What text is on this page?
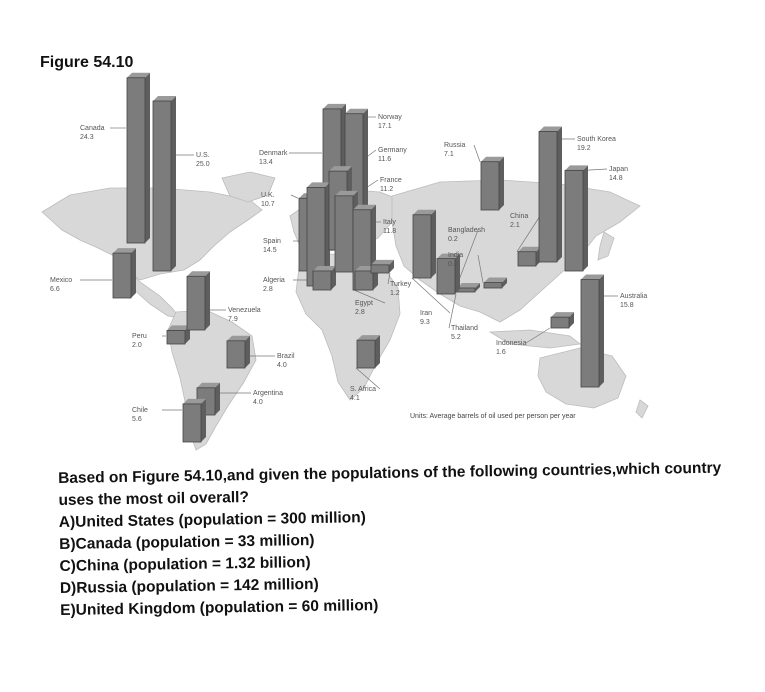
Figure 54.10
Canada
24.3
U.S.
25.0
Mexico
6.6
Peru
2.0
Venezuela
7.9
Brazil
4.0
Argentina
4.0
Chile
5.6
Denmark
13.4
U.K.
10.7
Spain
14.5
Algeria
2.8
Norway
17.1
Germany
11.6
France
11.2
Italy
11.8
Egypt
2.8
Turkey
1.2
S. Africa
4.1
Iran
9.3
Russia
7.1
Bangladesh
0.2
India
0.8
China
2.1
Thailand
5.2
Indonesia
1.6
South Korea
19.2
Japan
14.8
Australia
15.8
Units: Average barrels of oil used per person per year

Based on Figure 54.10,and given the populations of the following countries,which country uses the most oil overall?

A) United States (population = 300 million)
B) Canada (population = 33 million)
C) China (population = 1.32 billion)
D) Russia (population = 142 million)
E) United Kingdom (population = 60 million)
